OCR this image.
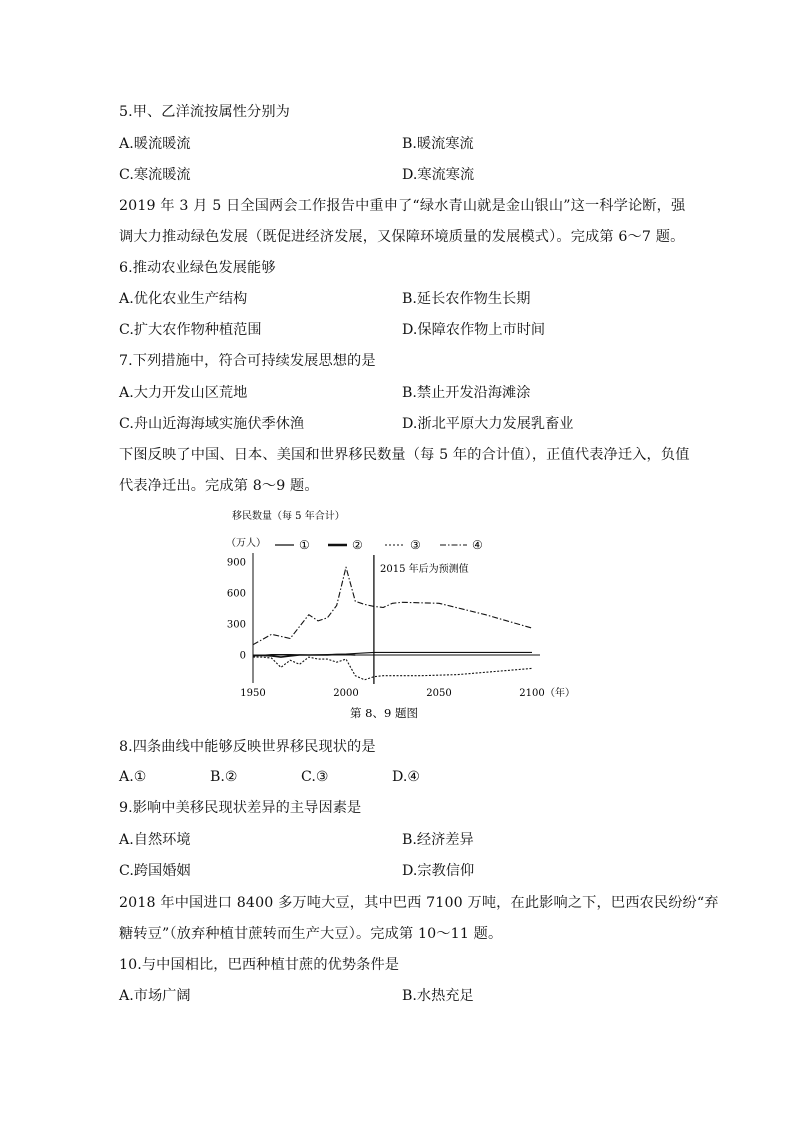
5.甲、乙洋流按属性分别为
A.暖流暖流	B.暖流寒流
C.寒流暖流	D.寒流寒流
2019 年 3 月 5 日全国两会工作报告中重申了“绿水青山就是金山银山”这一科学论断，强
调大力推动绿色发展（既促进经济发展，又保障环境质量的发展模式）。完成第 6～7 题。
6.推动农业绿色发展能够
A.优化农业生产结构	B.延长农作物生长期
C.扩大农作物种植范围	D.保障农作物上市时间
7.下列措施中，符合可持续发展思想的是
A.大力开发山区荒地	B.禁止开发沿海滩涂
C.舟山近海海域实施伏季休渔	D.浙北平原大力发展乳畜业
下图反映了中国、日本、美国和世界移民数量（每 5 年的合计值），正值代表净迁入，负值
代表净迁出。完成第 8～9 题。
移民数量（每 5 年合计）
（万人）	①	②	③	④
900
600
300
0
1950	2000	2050	2100 （年）
2015 年后为预测值
第 8、9 题图
8.四条曲线中能够反映世界移民现状的是
A.①	B.②	C.③	D.④
9.影响中美移民现状差异的主导因素是
A.自然环境	B.经济差异
C.跨国婚姻	D.宗教信仰
2018 年中国进口 8400 多万吨大豆，其中巴西 7100 万吨，在此影响之下，巴西农民纷纷“弃
糖转豆”（放弃种植甘蔗转而生产大豆）。完成第 10～11 题。
10.与中国相比，巴西种植甘蔗的优势条件是
A.市场广阔	B.水热充足
